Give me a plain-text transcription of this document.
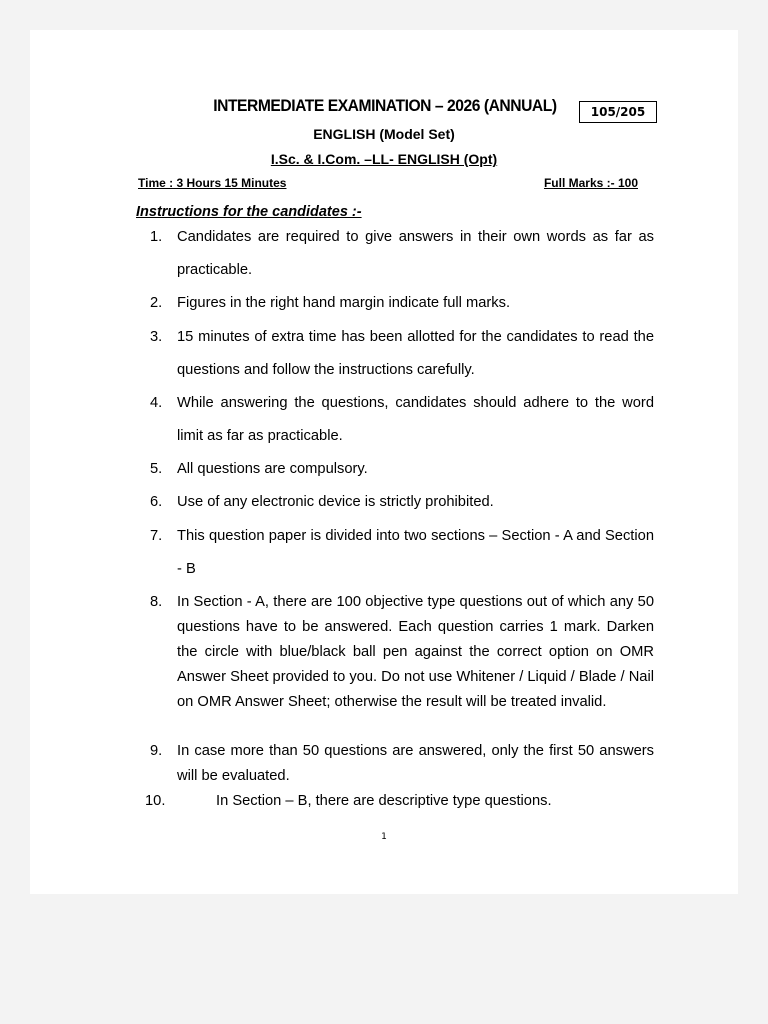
INTERMEDIATE EXAMINATION – 2026 (ANNUAL)	105/205
ENGLISH (Model Set)
I.Sc. & I.Com. –LL- ENGLISH (Opt)
Time : 3 Hours 15 Minutes	Full Marks :- 100
Instructions for the candidates :-
1.	Candidates are required to give answers in their own words as far as practicable.
2.	Figures in the right hand margin indicate full marks.
3.	15 minutes of extra time has been allotted for the candidates to read the questions and follow the instructions carefully.
4.	While answering the questions, candidates should adhere to the word limit as far as practicable.
5.	All questions are compulsory.
6.	Use of any electronic device is strictly prohibited.
7.	This question paper is divided into two sections – Section - A and Section - B
8.	In Section - A, there are 100 objective type questions out of which any 50 questions have to be answered. Each question carries 1 mark. Darken the circle with blue/black ball pen against the correct option on OMR Answer Sheet provided to you. Do not use Whitener / Liquid / Blade / Nail on OMR Answer Sheet; otherwise the result will be treated invalid.
9.	In case more than 50 questions are answered, only the first 50 answers will be evaluated.
10.	In Section – B, there are descriptive type questions.
1
